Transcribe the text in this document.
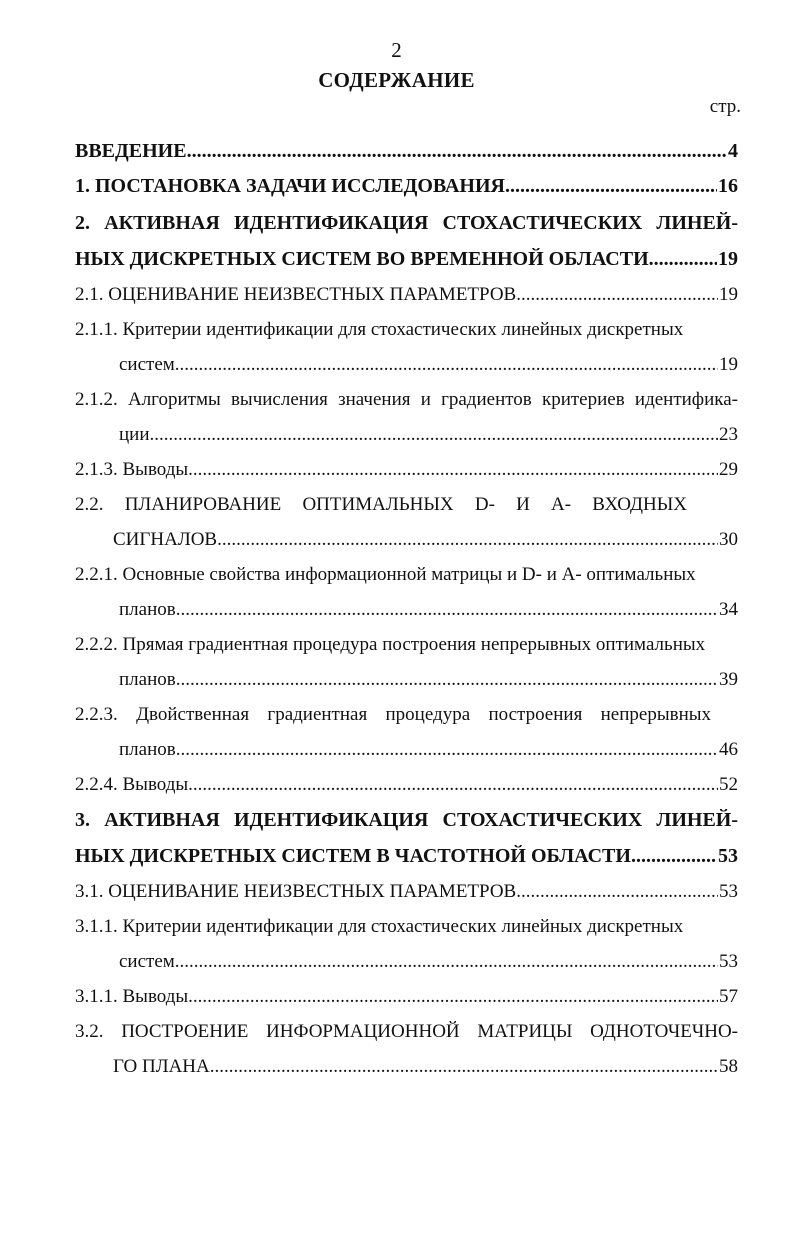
2
СОДЕРЖАНИЕ
стр.
ВВЕДЕНИЕ .....	4
1. ПОСТАНОВКА ЗАДАЧИ ИССЛЕДОВАНИЯ .....	16
2. АКТИВНАЯ ИДЕНТИФИКАЦИЯ СТОХАСТИЧЕСКИХ ЛИНЕЙ-
НЫХ ДИСКРЕТНЫХ СИСТЕМ ВО ВРЕМЕННОЙ ОБЛАСТИ .....	19
2.1. ОЦЕНИВАНИЕ НЕИЗВЕСТНЫХ ПАРАМЕТРОВ .....	19
2.1.1. Критерии идентификации для стохастических линейных дискретных
систем .....	19
2.1.2. Алгоритмы вычисления значения и градиентов критериев идентифика-
ции .....	23
2.1.3. Выводы .....	29
2.2. ПЛАНИРОВАНИЕ ОПТИМАЛЬНЫХ D- И A- ВХОДНЫХ
СИГНАЛОВ .....	30
2.2.1. Основные свойства информационной матрицы и D- и A- оптимальных
планов .....	34
2.2.2. Прямая градиентная процедура построения непрерывных оптимальных
планов .....	39
2.2.3. Двойственная градиентная процедура построения непрерывных
планов .....	46
2.2.4. Выводы .....	52
3. АКТИВНАЯ ИДЕНТИФИКАЦИЯ СТОХАСТИЧЕСКИХ ЛИНЕЙ-
НЫХ ДИСКРЕТНЫХ СИСТЕМ В ЧАСТОТНОЙ ОБЛАСТИ .....	53
3.1. ОЦЕНИВАНИЕ НЕИЗВЕСТНЫХ ПАРАМЕТРОВ .....	53
3.1.1. Критерии идентификации для стохастических линейных дискретных
систем .....	53
3.1.1. Выводы .....	57
3.2. ПОСТРОЕНИЕ ИНФОРМАЦИОННОЙ МАТРИЦЫ ОДНОТОЧЕЧНО-
ГО ПЛАНА .....	58
